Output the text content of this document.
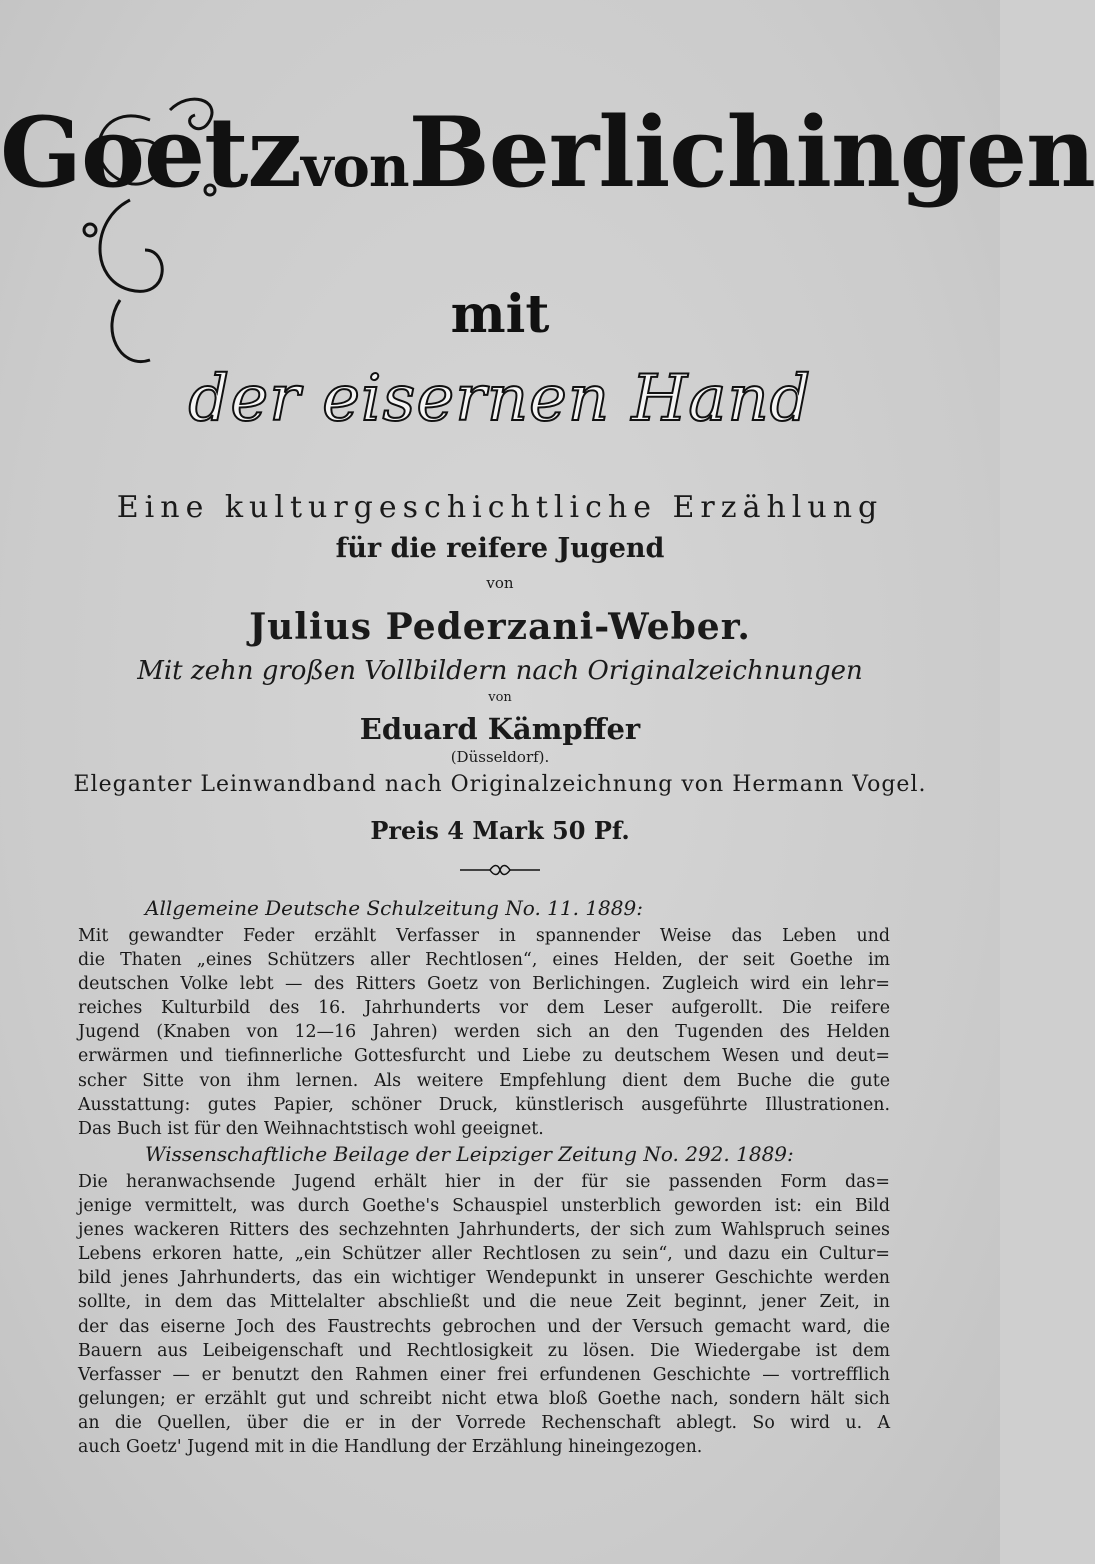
GoetzvonBerlichingen
mit
der eisernen Hand
Eine kulturgeschichtliche Erzählung
für die reifere Jugend
von
Julius Pederzani-Weber.
Mit zehn großen Vollbildern nach Originalzeichnungen
von
Eduard Kämpffer
(Düsseldorf).
Eleganter Leinwandband nach Originalzeichnung von Hermann Vogel.
Preis 4 Mark 50 Pf.
Allgemeine Deutsche Schulzeitung No. 11. 1889:
Mit gewandter Feder erzählt Verfasser in spannender Weise das Leben und
die Thaten „eines Schützers aller Rechtlosen“, eines Helden, der seit Goethe im
deutschen Volke lebt — des Ritters Goetz von Berlichingen. Zugleich wird ein lehr=
reiches Kulturbild des 16. Jahrhunderts vor dem Leser aufgerollt. Die reifere
Jugend (Knaben von 12—16 Jahren) werden sich an den Tugenden des Helden
erwärmen und tiefinnerliche Gottesfurcht und Liebe zu deutschem Wesen und deut=
scher Sitte von ihm lernen. Als weitere Empfehlung dient dem Buche die gute
Ausstattung: gutes Papier, schöner Druck, künstlerisch ausgeführte Illustrationen.
Das Buch ist für den Weihnachtstisch wohl geeignet.
Wissenschaftliche Beilage der Leipziger Zeitung No. 292. 1889:
Die heranwachsende Jugend erhält hier in der für sie passenden Form das=
jenige vermittelt, was durch Goethe's Schauspiel unsterblich geworden ist: ein Bild
jenes wackeren Ritters des sechzehnten Jahrhunderts, der sich zum Wahlspruch seines
Lebens erkoren hatte, „ein Schützer aller Rechtlosen zu sein“, und dazu ein Cultur=
bild jenes Jahrhunderts, das ein wichtiger Wendepunkt in unserer Geschichte werden
sollte, in dem das Mittelalter abschließt und die neue Zeit beginnt, jener Zeit, in
der das eiserne Joch des Faustrechts gebrochen und der Versuch gemacht ward, die
Bauern aus Leibeigenschaft und Rechtlosigkeit zu lösen. Die Wiedergabe ist dem
Verfasser — er benutzt den Rahmen einer frei erfundenen Geschichte — vortrefflich
gelungen; er erzählt gut und schreibt nicht etwa bloß Goethe nach, sondern hält sich
an die Quellen, über die er in der Vorrede Rechenschaft ablegt. So wird u. A
auch Goetz' Jugend mit in die Handlung der Erzählung hineingezogen.
